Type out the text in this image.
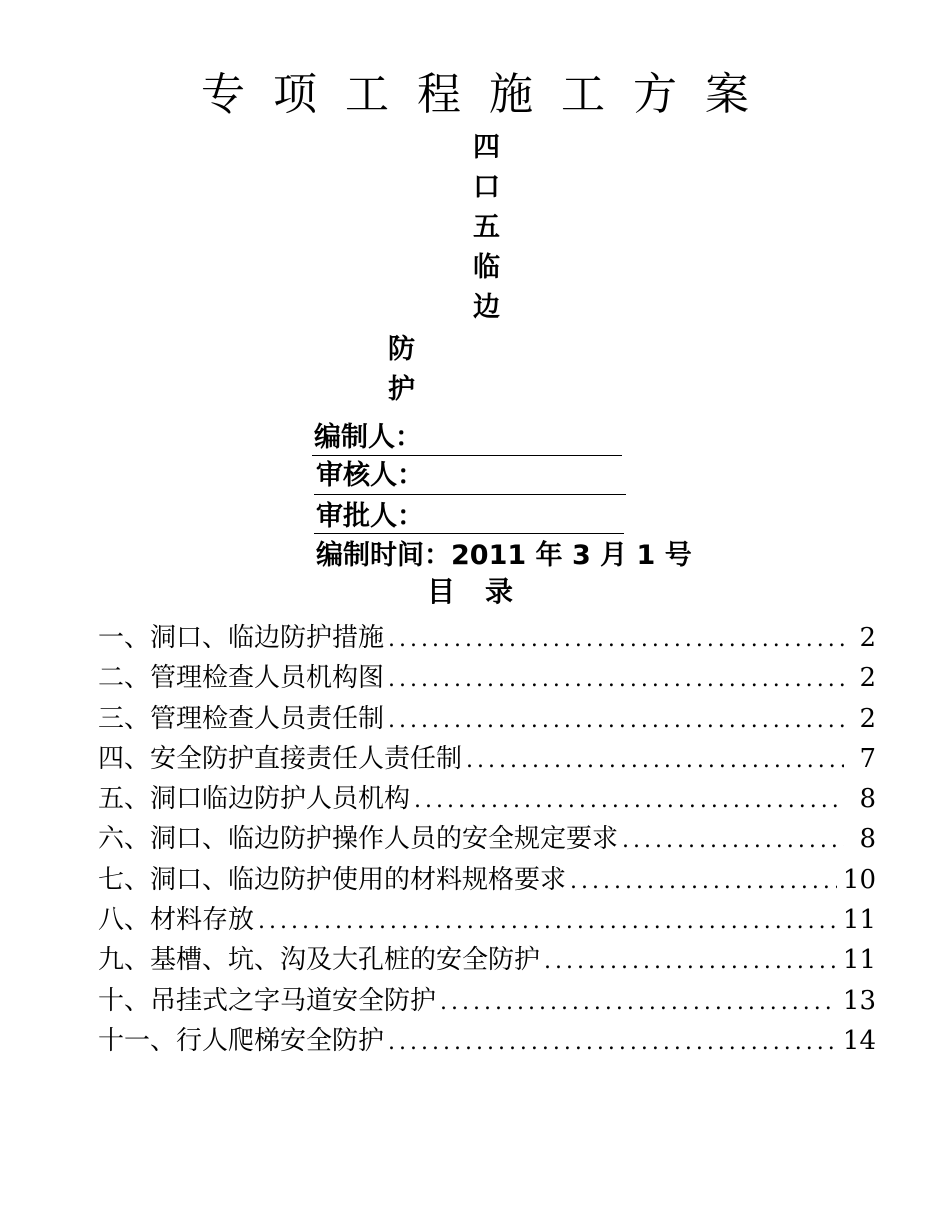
专项工程施工方案
四
口
五
临
边
防
护
编制人：
审核人：
审批人：
编制时间：2011 年 3 月 1 号
目录
一、洞口、临边防护措施 .....	2
二、管理检查人员机构图 .....	2
三、管理检查人员责任制 .....	2
四、安全防护直接责任人责任制 .....	7
五、洞口临边防护人员机构 .....	8
六、洞口、临边防护操作人员的安全规定要求 .....	8
七、洞口、临边防护使用的材料规格要求 .....	10
八、材料存放 .....	11
九、基槽、坑、沟及大孔桩的安全防护 .....	11
十、吊挂式之字马道安全防护 .....	13
十一、行人爬梯安全防护 .....	14
